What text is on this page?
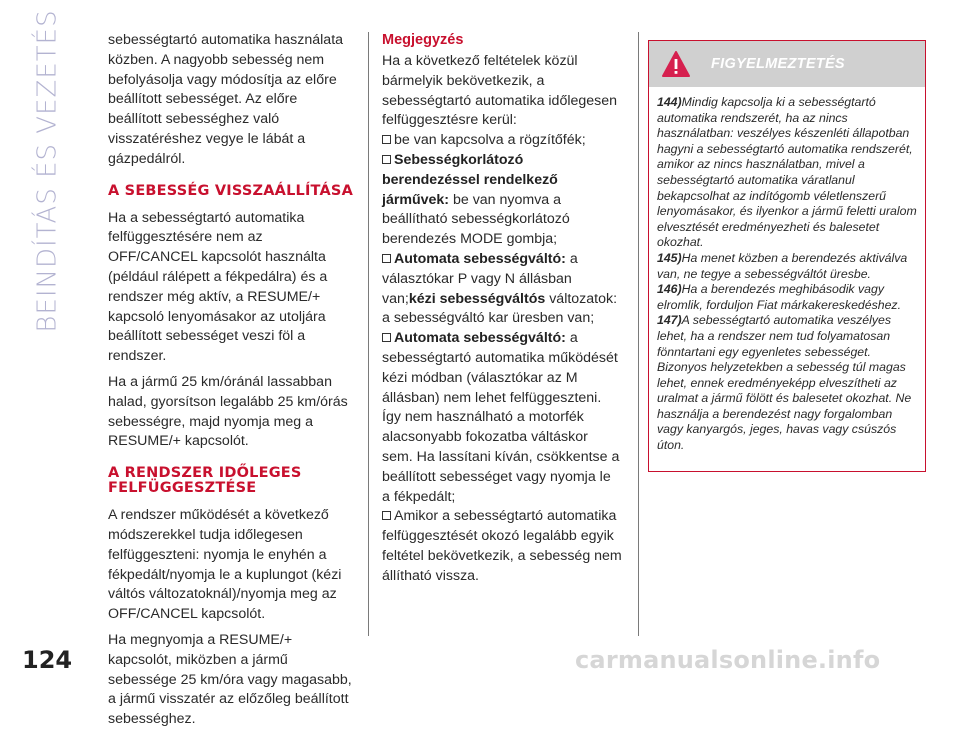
BEINDÍTÁS ÉS VEZETÉS
124

sebességtartó automatika használata közben. A nagyobb sebesség nem befolyásolja vagy módosítja az előre beállított sebességet. Az előre beállított sebességhez való visszatéréshez vegye le lábát a gázpedálról.

A SEBESSÉG VISSZAÁLLÍTÁSA

Ha a sebességtartó automatika felfüggesztésére nem az OFF/CANCEL kapcsolót használta (például rálépett a fékpedálra) és a rendszer még aktív, a RESUME/+ kapcsoló lenyomásakor az utoljára beállított sebességet veszi föl a rendszer.

Ha a jármű 25 km/óránál lassabban halad, gyorsítson legalább 25 km/órás sebességre, majd nyomja meg a RESUME/+ kapcsolót.

A RENDSZER IDŐLEGES FELFÜGGESZTÉSE

A rendszer működését a következő módszerekkel tudja időlegesen felfüggeszteni: nyomja le enyhén a fékpedált/nyomja le a kuplungot (kézi váltós változatoknál)/nyomja meg az OFF/CANCEL kapcsolót.

Ha megnyomja a RESUME/+ kapcsolót, miközben a jármű sebessége 25 km/óra vagy magasabb, a jármű visszatér az előzőleg beállított sebességhez.

Megjegyzés

Ha a következő feltételek közül bármelyik bekövetkezik, a sebességtartó automatika időlegesen felfüggesztésre kerül:

be van kapcsolva a rögzítőfék;
Sebességkorlátozó berendezéssel rendelkező járművek: be van nyomva a beállítható sebességkorlátozó berendezés MODE gombja;
Automata sebességváltó: a választókar P vagy N állásban van;kézi sebességváltós változatok: a sebességváltó kar üresben van;
Automata sebességváltó: a sebességtartó automatika működését kézi módban (választókar az M állásban) nem lehet felfüggeszteni. Így nem használható a motorfék alacsonyabb fokozatba váltáskor sem. Ha lassítani kíván, csökkentse a beállított sebességet vagy nyomja le a fékpedált;
Amikor a sebességtartó automatika felfüggesztését okozó legalább egyik feltétel bekövetkezik, a sebesség nem állítható vissza.
FIGYELMEZTETÉS

144)Mindig kapcsolja ki a sebességtartó automatika rendszerét, ha az nincs használatban: veszélyes készenléti állapotban hagyni a sebességtartó automatika rendszerét, amikor az nincs használatban, mivel a sebességtartó automatika váratlanul bekapcsolhat az indítógomb véletlenszerű lenyomásakor, és ilyenkor a jármű feletti uralom elvesztését eredményezheti és balesetet okozhat.

145)Ha menet közben a berendezés aktiválva van, ne tegye a sebességváltót üresbe.

146)Ha a berendezés meghibásodik vagy elromlik, forduljon Fiat márkakereskedéshez.

147)A sebességtartó automatika veszélyes lehet, ha a rendszer nem tud folyamatosan fönntartani egy egyenletes sebességet. Bizonyos helyzetekben a sebesség túl magas lehet, ennek eredményeképp elveszítheti az uralmat a jármű fölött és balesetet okozhat. Ne használja a berendezést nagy forgalomban vagy kanyargós, jeges, havas vagy csúszós úton.

carmanualsonline.info
